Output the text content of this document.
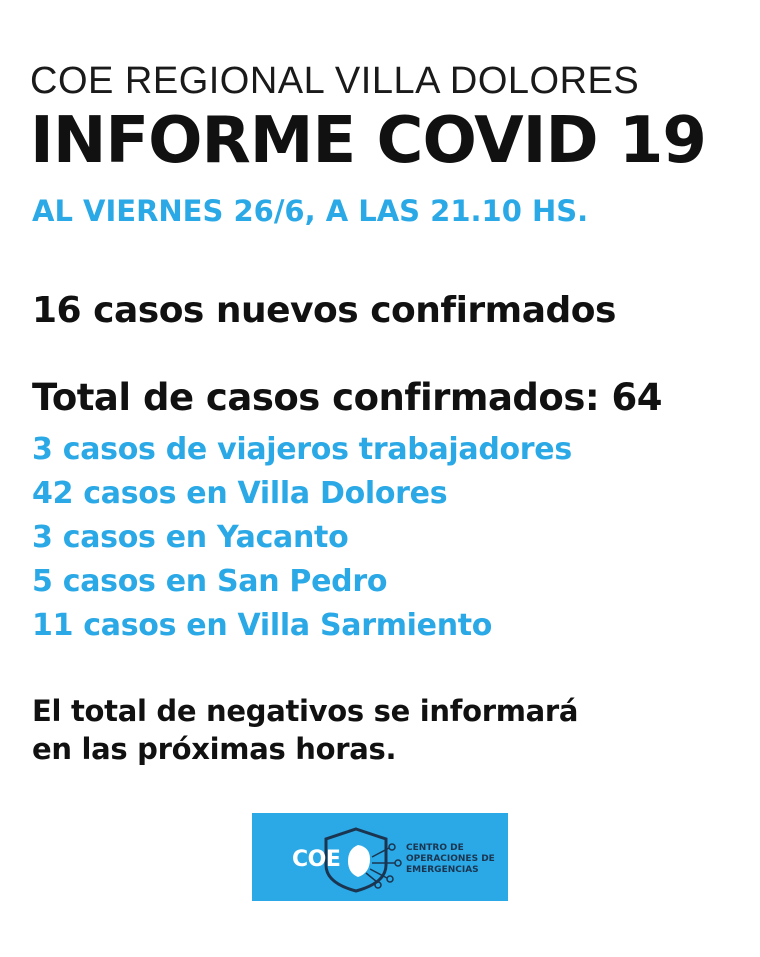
COE REGIONAL VILLA DOLORES
INFORME COVID 19
AL VIERNES 26/6, A LAS 21.10 HS.
16 casos nuevos confirmados
Total de casos confirmados: 64
3 casos de viajeros trabajadores
42 casos en Villa Dolores
3 casos en Yacanto
5 casos en San Pedro
11 casos en Villa Sarmiento
El total de negativos se informará
en las próximas horas.
COE	CENTRO DE
OPERACIONES DE
EMERGENCIAS
